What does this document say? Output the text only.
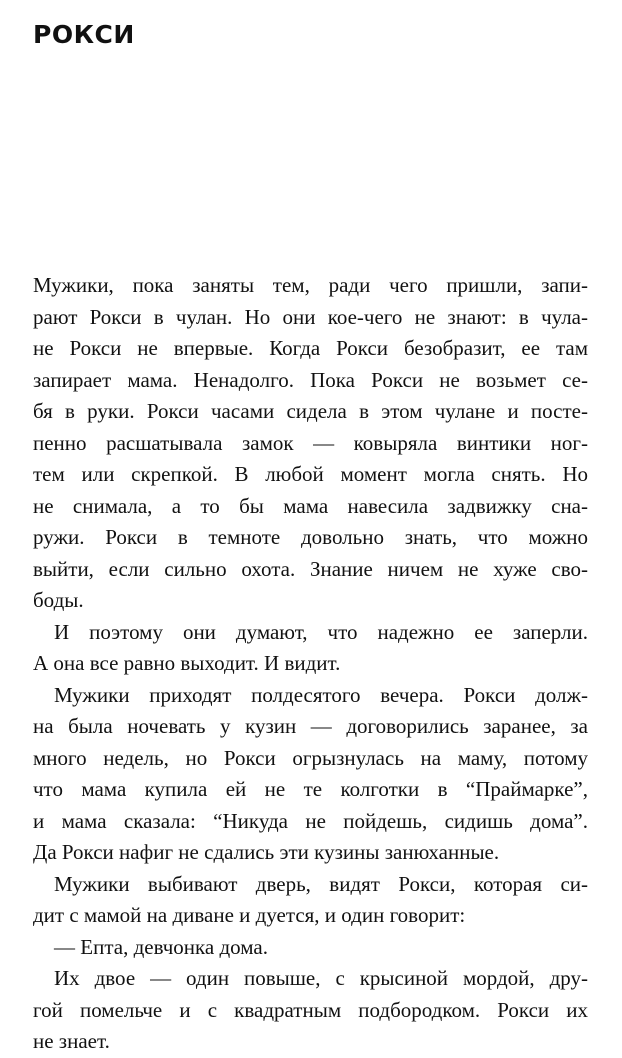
РОКСИ
Мужики, пока заняты тем, ради чего пришли, запи-
рают Рокси в чулан. Но они кое-чего не знают: в чула-
не Рокси не впервые. Когда Рокси безобразит, ее там
запирает мама. Ненадолго. Пока Рокси не возьмет се-
бя в руки. Рокси часами сидела в этом чулане и посте-
пенно расшатывала замок — ковыряла винтики ног-
тем или скрепкой. В любой момент могла снять. Но
не снимала, а то бы мама навесила задвижку сна-
ружи. Рокси в темноте довольно знать, что можно
выйти, если сильно охота. Знание ничем не хуже сво-
боды.
И поэтому они думают, что надежно ее заперли.
А она все равно выходит. И видит.
Мужики приходят полдесятого вечера. Рокси долж-
на была ночевать у кузин — договорились заранее, за
много недель, но Рокси огрызнулась на маму, потому
что мама купила ей не те колготки в “Праймарке”,
и мама сказала: “Никуда не пойдешь, сидишь дома”.
Да Рокси нафиг не сдались эти кузины занюханные.
Мужики выбивают дверь, видят Рокси, которая си-
дит с мамой на диване и дуется, и один говорит:
— Епта, девчонка дома.
Их двое — один повыше, с крысиной мордой, дру-
гой помельче и с квадратным подбородком. Рокси их
не знает.
